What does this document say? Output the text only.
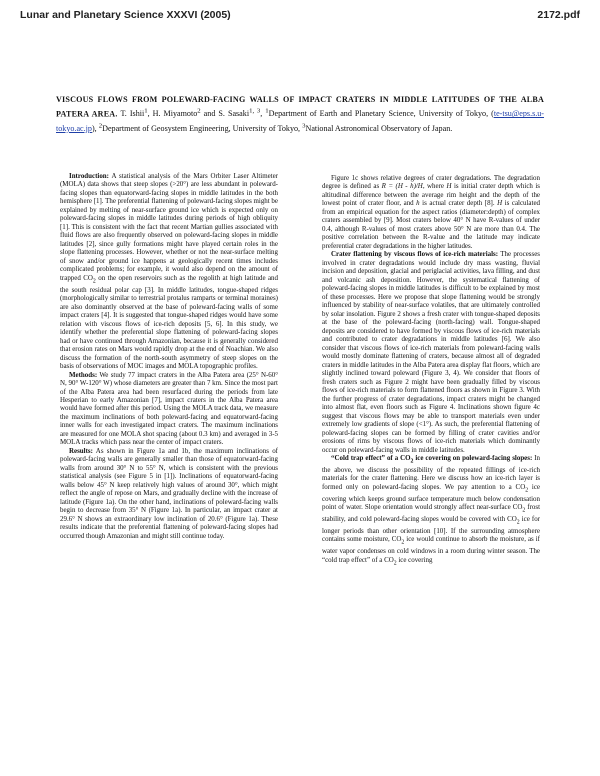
Lunar and Planetary Science XXXVI (2005)	2172.pdf
VISCOUS FLOWS FROM POLEWARD-FACING WALLS OF IMPACT CRATERS IN MIDDLE LATITUDES OF THE ALBA PATERA AREA. T. Ishii$^1$, H. Miyamoto$^2$ and S. Sasaki$^{1, 3}$, $^1$Department of Earth and Planetary Science, University of Tokyo, (te-tsu@eps.s.u-tokyo.ac.jp), $^2$Department of Geosystem Engineering, University of Tokyo, $^3$National Astronomical Observatory of Japan.

Introduction: A statistical analysis of the Mars Orbiter Laser Altimeter (MOLA) data shows that steep slopes (>20°) are less abundant in poleward-facing slopes than equatorward-facing slopes in middle latitudes in the both hemisphere [1]. The preferential flattening of poleward-facing slopes might be explained by melting of near-surface ground ice which is expected only on poleward-facing slopes in middle latitudes during periods of high obliquity [1]. This is consistent with the fact that recent Martian gullies associated with fluid flows are also frequently observed on poleward-facing slopes in middle latitudes [2], since gully formations might have played certain roles in the slope flattening processes. However, whether or not the near-surface melting of snow and/or ground ice happens at geologically recent times includes complicated problems; for example, it would also depend on the amount of trapped $CO_2$ on the open reservoirs such as the regolith at high latitude and the south residual polar cap [3]. In middle latitudes, tongue-shaped ridges (morphologically similar to terrestrial protalus ramparts or terminal moraines) are also dominantly observed at the base of poleward-facing walls of some impact craters [4]. It is suggested that tongue-shaped ridges would have some relation with viscous flows of ice-rich deposits [5, 6]. In this study, we identify whether the preferential slope flattening of poleward-facing slopes had or have continued through Amazonian, because it is generally considered that erosion rates on Mars would rapidly drop at the end of Noachian. We also discuss the formation of the north-south asymmetry of steep slopes on the basis of observations of MOC images and MOLA topographic profiles.

Methods: We study 77 impact craters in the Alba Patera area (25° N-60° N, 90° W-120° W) whose diameters are greater than 7 km. Since the most part of the Alba Patera area had been resurfaced during the periods from late Hesperian to early Amazonian [7], impact craters in the Alba Patera area would have formed after this period. Using the MOLA track data, we measure the maximum inclinations of both poleward-facing and equatorward-facing inner walls for each investigated impact craters. The maximum inclinations are measured for one MOLA shot spacing (about 0.3 km) and averaged in 3-5 MOLA tracks which pass near the center of impact craters.

Results: As shown in Figure 1a and 1b, the maximum inclinations of poleward-facing walls are generally smaller than those of equatorward-facing walls from around 30° N to 55° N, which is consistent with the previous statistical analysis (see Figure 5 in [1]). Inclinations of equatorward-facing walls below 45° N keep relatively high values of around 30°, which might reflect the angle of repose on Mars, and gradually decline with the increase of latitude (Figure 1a). On the other hand, inclinations of poleward-facing walls begin to decrease from 35° N (Figure 1a). In particular, an impact crater at 29.6° N shows an extraordinary low inclination of 20.6° (Figure 1a). These results indicate that the preferential flattening of poleward-facing slopes had occurred though Amazonian and might still continue today.

Figure 1c shows relative degrees of crater degradations. The degradation degree is defined as R = (H - h)/H, where H is initial crater depth which is altitudinal difference between the average rim height and the depth of the lowest point of crater floor, and h is actual crater depth [8]. H is calculated from an empirical equation for the aspect ratios (diameter:depth) of complex craters assembled by [9]. Most craters below 40° N have R-values of under 0.4, although R-values of most craters above 50° N are more than 0.4. The positive correlation between the R-value and the latitude may indicate preferential crater degradations in the higher latitudes.

Crater flattening by viscous flows of ice-rich materials: The processes involved in crater degradations would include dry mass wasting, fluvial incision and deposition, glacial and periglacial activities, lava filling, and dust and volcanic ash deposition. However, the systematical flattening of poleward-facing slopes in middle latitudes is difficult to be explained by most of these processes. Here we propose that slope flattening would be strongly influenced by stability of near-surface volatiles, that are ultimately controlled by solar insolation. Figure 2 shows a fresh crater with tongue-shaped deposits at the base of the poleward-facing (north-facing) wall. Tongue-shaped deposits are considered to have formed by viscous flows of ice-rich materials and contributed to crater degradations in middle latitudes [6]. We also consider that viscous flows of ice-rich materials from poleward-facing walls would mostly dominate flattening of craters, because almost all of degraded craters in middle latitudes in the Alba Patera area display flat floors, which are slightly inclined toward poleward (Figure 3, 4). We consider that floors of fresh craters such as Figure 2 might have been gradually filled by viscous flows of ice-rich materials to form flattened floors as shown in Figure 3. With the further progress of crater degradations, impact craters might be changed into almost flat, even floors such as Figure 4. Inclinations shown figure 4c suggest that viscous flows may be able to transport materials even under extremely low gradients of slope (<1°). As such, the preferential flattening of poleward-facing slopes can be formed by filling of crater cavities and/or erosions of rims by viscous flows of ice-rich materials which dominantly occur on poleward-facing walls in middle latitudes.

“Cold trap effect” of a $CO_2$ ice covering on poleward-facing slopes: In the above, we discuss the possibility of the repeated fillings of ice-rich materials for the crater flattening. Here we discuss how an ice-rich layer is formed only on poleward-facing slopes. We pay attention to a $CO_2$ ice covering which keeps ground surface temperature much below condensation point of water. Slope orientation would strongly affect near-surface $CO_2$ frost stability, and cold poleward-facing slopes would be covered with $CO_2$ ice for longer periods than other orientation [10]. If the surrounding atmosphere contains some moisture, $CO_2$ ice would continue to absorb the moisture, as if water vapor condenses on cold windows in a room during winter season. The “cold trap effect” of a $CO_2$ ice covering
